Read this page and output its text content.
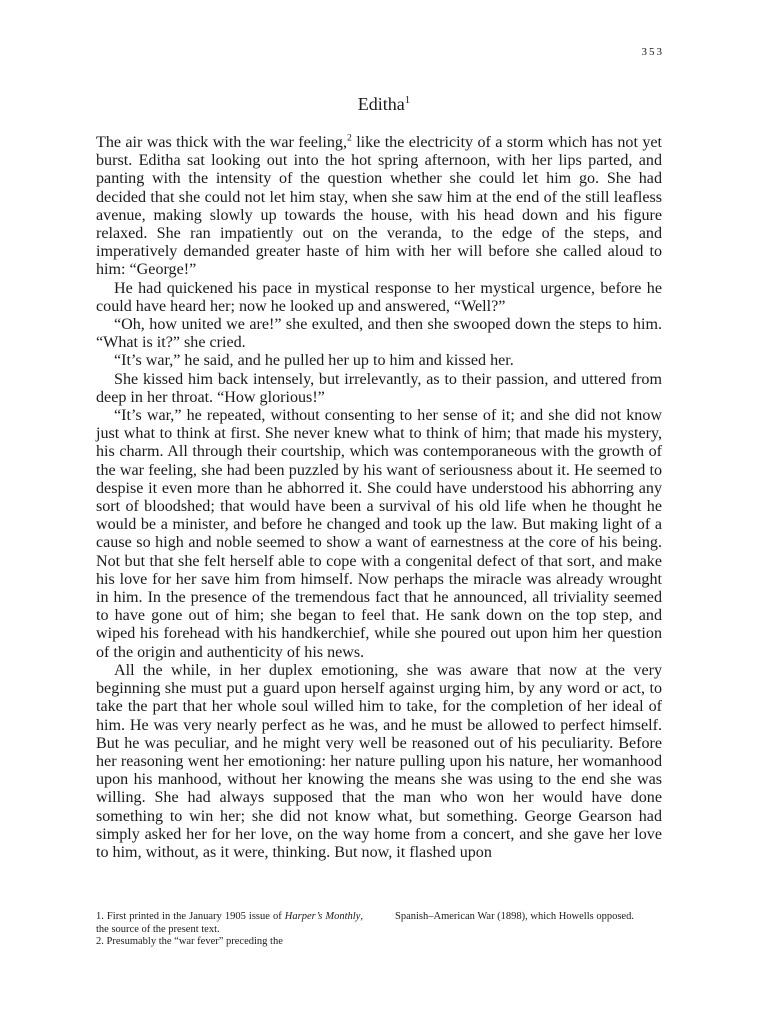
353
Editha$^1$

The air was thick with the war feeling,$^2$ like the electricity of a storm which has not yet burst. Editha sat looking out into the hot spring afternoon, with her lips parted, and panting with the intensity of the question whether she could let him go. She had decided that she could not let him stay, when she saw him at the end of the still leafless avenue, making slowly up towards the house, with his head down and his figure relaxed. She ran impatiently out on the veranda, to the edge of the steps, and imperatively demanded greater haste of him with her will before she called aloud to him: “George!”

He had quickened his pace in mystical response to her mystical urgence, before he could have heard her; now he looked up and answered, “Well?”

“Oh, how united we are!” she exulted, and then she swooped down the steps to him. “What is it?” she cried.

“It’s war,” he said, and he pulled her up to him and kissed her.

She kissed him back intensely, but irrelevantly, as to their passion, and uttered from deep in her throat. “How glorious!”

“It’s war,” he repeated, without consenting to her sense of it; and she did not know just what to think at first. She never knew what to think of him; that made his mystery, his charm. All through their courtship, which was contemporaneous with the growth of the war feeling, she had been puzzled by his want of seriousness about it. He seemed to despise it even more than he abhorred it. She could have understood his abhorring any sort of bloodshed; that would have been a survival of his old life when he thought he would be a minister, and before he changed and took up the law. But making light of a cause so high and noble seemed to show a want of earnestness at the core of his being. Not but that she felt herself able to cope with a congenital defect of that sort, and make his love for her save him from himself. Now perhaps the miracle was already wrought in him. In the presence of the tremendous fact that he announced, all triviality seemed to have gone out of him; she began to feel that. He sank down on the top step, and wiped his forehead with his handkerchief, while she poured out upon him her question of the origin and authenticity of his news.

All the while, in her duplex emotioning, she was aware that now at the very beginning she must put a guard upon herself against urging him, by any word or act, to take the part that her whole soul willed him to take, for the completion of her ideal of him. He was very nearly perfect as he was, and he must be allowed to perfect himself. But he was peculiar, and he might very well be reasoned out of his peculiarity. Before her reasoning went her emotioning: her nature pulling upon his nature, her womanhood upon his manhood, without her knowing the means she was using to the end she was willing. She had always supposed that the man who won her would have done something to win her; she did not know what, but something. George Gearson had simply asked her for her love, on the way home from a concert, and she gave her love to him, without, as it were, thinking. But now, it flashed upon

1. First printed in the January 1905 issue of Harper’s Monthly, the source of the present text.

2. Presumably the “war fever” preceding the

Spanish–American War (1898), which Howells opposed.
